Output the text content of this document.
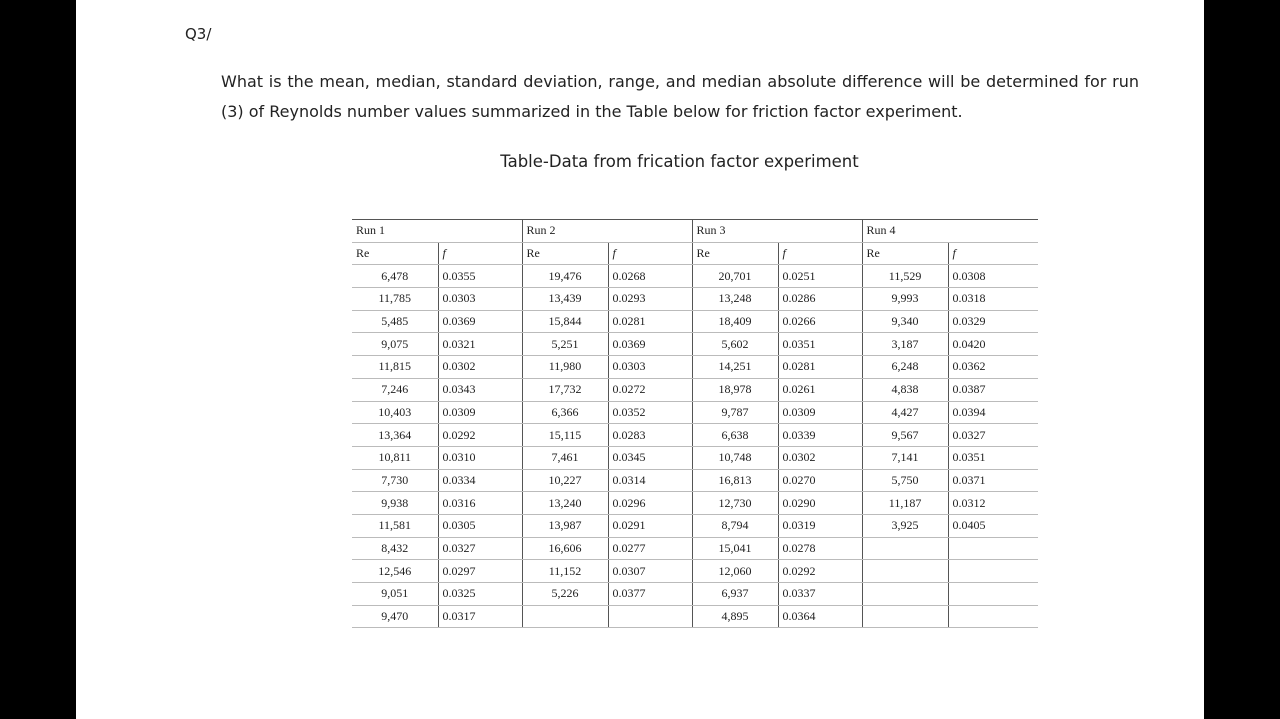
Q3/
What is the mean, median, standard deviation, range, and median absolute difference will be determined for run (3) of Reynolds number values summarized in the Table below for friction factor experiment.
Table-Data from frication factor experiment
Run 1		Run 2		Run 3		Run 4	
Re	f	Re	f	Re	f	Re	f
6,478	0.0355	19,476	0.0268	20,701	0.0251	11,529	0.0308
11,785	0.0303	13,439	0.0293	13,248	0.0286	9,993	0.0318
5,485	0.0369	15,844	0.0281	18,409	0.0266	9,340	0.0329
9,075	0.0321	5,251	0.0369	5,602	0.0351	3,187	0.0420
11,815	0.0302	11,980	0.0303	14,251	0.0281	6,248	0.0362
7,246	0.0343	17,732	0.0272	18,978	0.0261	4,838	0.0387
10,403	0.0309	6,366	0.0352	9,787	0.0309	4,427	0.0394
13,364	0.0292	15,115	0.0283	6,638	0.0339	9,567	0.0327
10,811	0.0310	7,461	0.0345	10,748	0.0302	7,141	0.0351
7,730	0.0334	10,227	0.0314	16,813	0.0270	5,750	0.0371
9,938	0.0316	13,240	0.0296	12,730	0.0290	11,187	0.0312
11,581	0.0305	13,987	0.0291	8,794	0.0319	3,925	0.0405
8,432	0.0327	16,606	0.0277	15,041	0.0278		
12,546	0.0297	11,152	0.0307	12,060	0.0292		
9,051	0.0325	5,226	0.0377	6,937	0.0337		
9,470	0.0317			4,895	0.0364		
